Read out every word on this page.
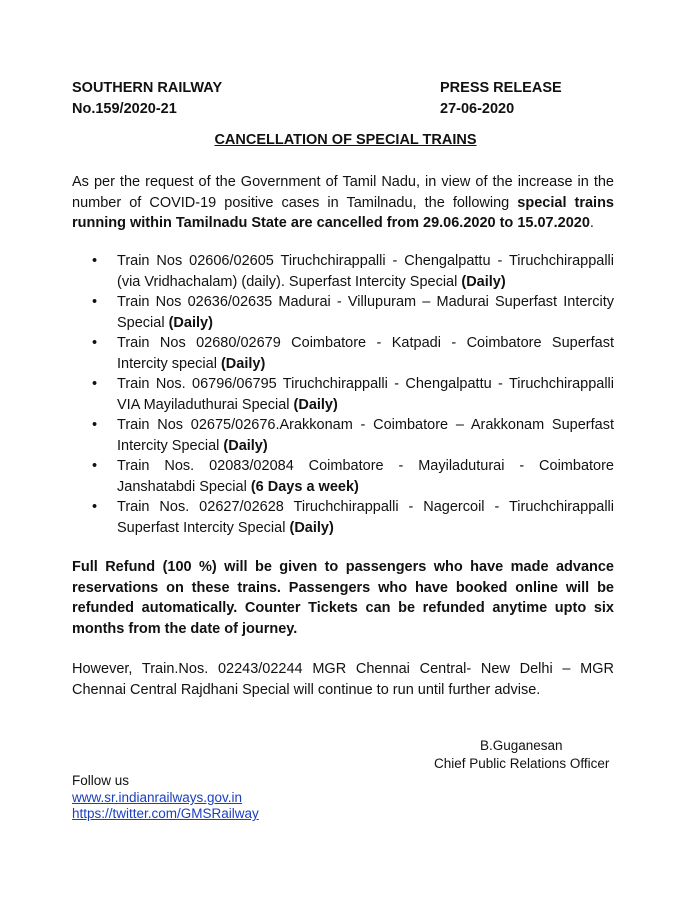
SOUTHERN RAILWAY	PRESS RELEASE
No.159/2020-21	27-06-2020
CANCELLATION OF SPECIAL TRAINS
As per the request of the Government of Tamil Nadu, in view of the increase in the number of COVID-19 positive cases in Tamilnadu, the following special trains running within Tamilnadu State are cancelled from 29.06.2020 to 15.07.2020.
• Train Nos 02606/02605 Tiruchchirappalli - Chengalpattu - Tiruchchirappalli (via Vridhachalam) (daily). Superfast Intercity Special (Daily)
• Train Nos 02636/02635 Madurai - Villupuram – Madurai Superfast Intercity Special (Daily)
• Train Nos 02680/02679 Coimbatore - Katpadi - Coimbatore Superfast Intercity special (Daily)
• Train Nos. 06796/06795 Tiruchchirappalli - Chengalpattu - Tiruchchirappalli VIA Mayiladuthurai Special (Daily)
• Train Nos 02675/02676.Arakkonam - Coimbatore – Arakkonam Superfast Intercity Special (Daily)
• Train Nos. 02083/02084 Coimbatore - Mayiladuturai - Coimbatore Janshatabdi Special (6 Days a week)
• Train Nos. 02627/02628 Tiruchchirappalli - Nagercoil - Tiruchchirappalli Superfast Intercity Special (Daily)
Full Refund (100 %) will be given to passengers who have made advance reservations on these trains. Passengers who have booked online will be refunded automatically. Counter Tickets can be refunded anytime upto six months from the date of journey.
However, Train.Nos. 02243/02244 MGR Chennai Central- New Delhi – MGR Chennai Central Rajdhani Special will continue to run until further advise.
B.Guganesan
Chief Public Relations Officer
Follow us
www.sr.indianrailways.gov.in
https://twitter.com/GMSRailway
